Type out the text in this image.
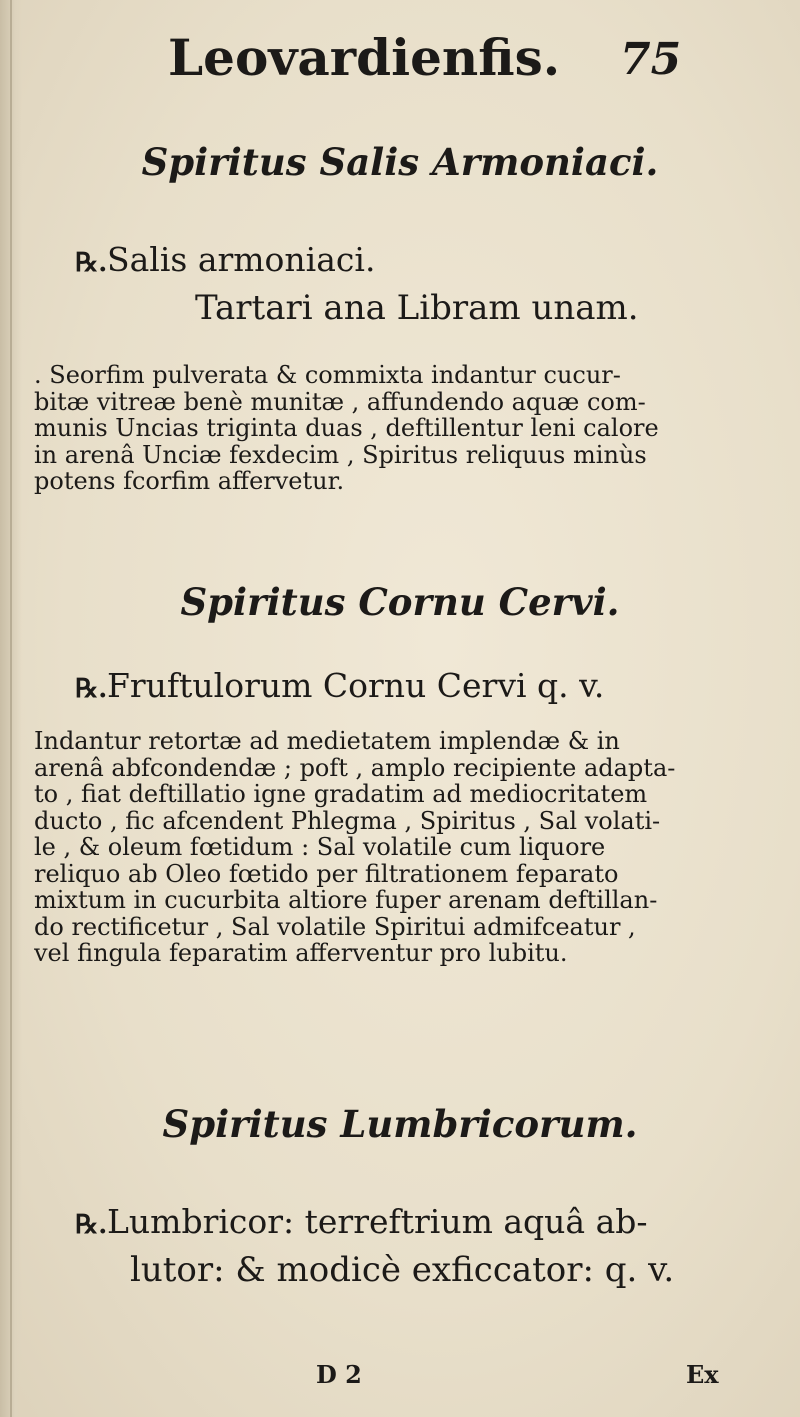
Leovardienfis. 75
Spiritus Salis Armoniaci.
℞.Salis armoniaci.
Tartari ana Libram unam.
. Seorfim pulverata & commixta indantur cucur-
bitæ vitreæ benè munitæ , affundendo aquæ com-
munis Uncias triginta duas , deftillentur leni calore
in arenâ Unciæ fexdecim , Spiritus reliquus minùs
potens fcorfim affervetur.
Spiritus Cornu Cervi.
℞.Fruftulorum Cornu Cervi q. v.
Indantur retortæ ad medietatem implendæ & in
arenâ abfcondendæ ; poft , amplo recipiente adapta-
to , fiat deftillatio igne gradatim ad mediocritatem
ducto , fic afcendent Phlegma , Spiritus , Sal volati-
le , & oleum fœtidum : Sal volatile cum liquore
reliquo ab Oleo fœtido per filtrationem feparato
mixtum in cucurbita altiore fuper arenam deftillan-
do rectificetur , Sal volatile Spiritui admifceatur ,
vel fingula feparatim afferventur pro lubitu.
Spiritus Lumbricorum.
℞.Lumbricor: terreftrium aquâ ab-
lutor: & modicè exficcator: q. v.
D 2	Ex
